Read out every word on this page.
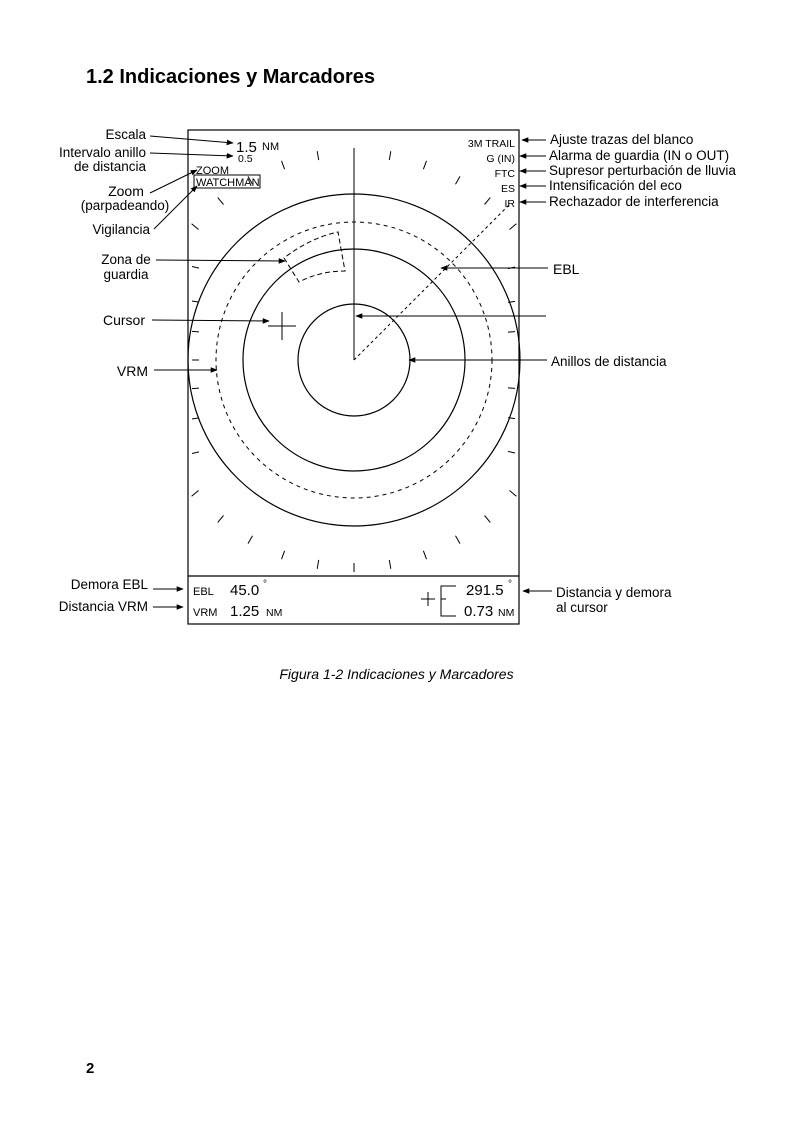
1.2 Indicaciones y Marcadores
1.5 NM
0.5
ZOOM
WATCHMAN
3M TRAIL
G (IN)
FTC
ES
IR
EBL 45.0 °
VRM 1.25 NM
291.5 °
0.73 NM
Escala
Intervalo anillo
de distancia
Zoom
(parpadeando)
Vigilancia
Zona de
guardia
Cursor
VRM
Demora EBL
Distancia VRM
Ajuste trazas del blanco
Alarma de guardia (IN o OUT)
Supresor perturbación de lluvia
Intensificación del eco
Rechazador de interferencia
EBL
Anillos de distancia
Distancia y demora
al cursor
Figura 1-2 Indicaciones y Marcadores
2
